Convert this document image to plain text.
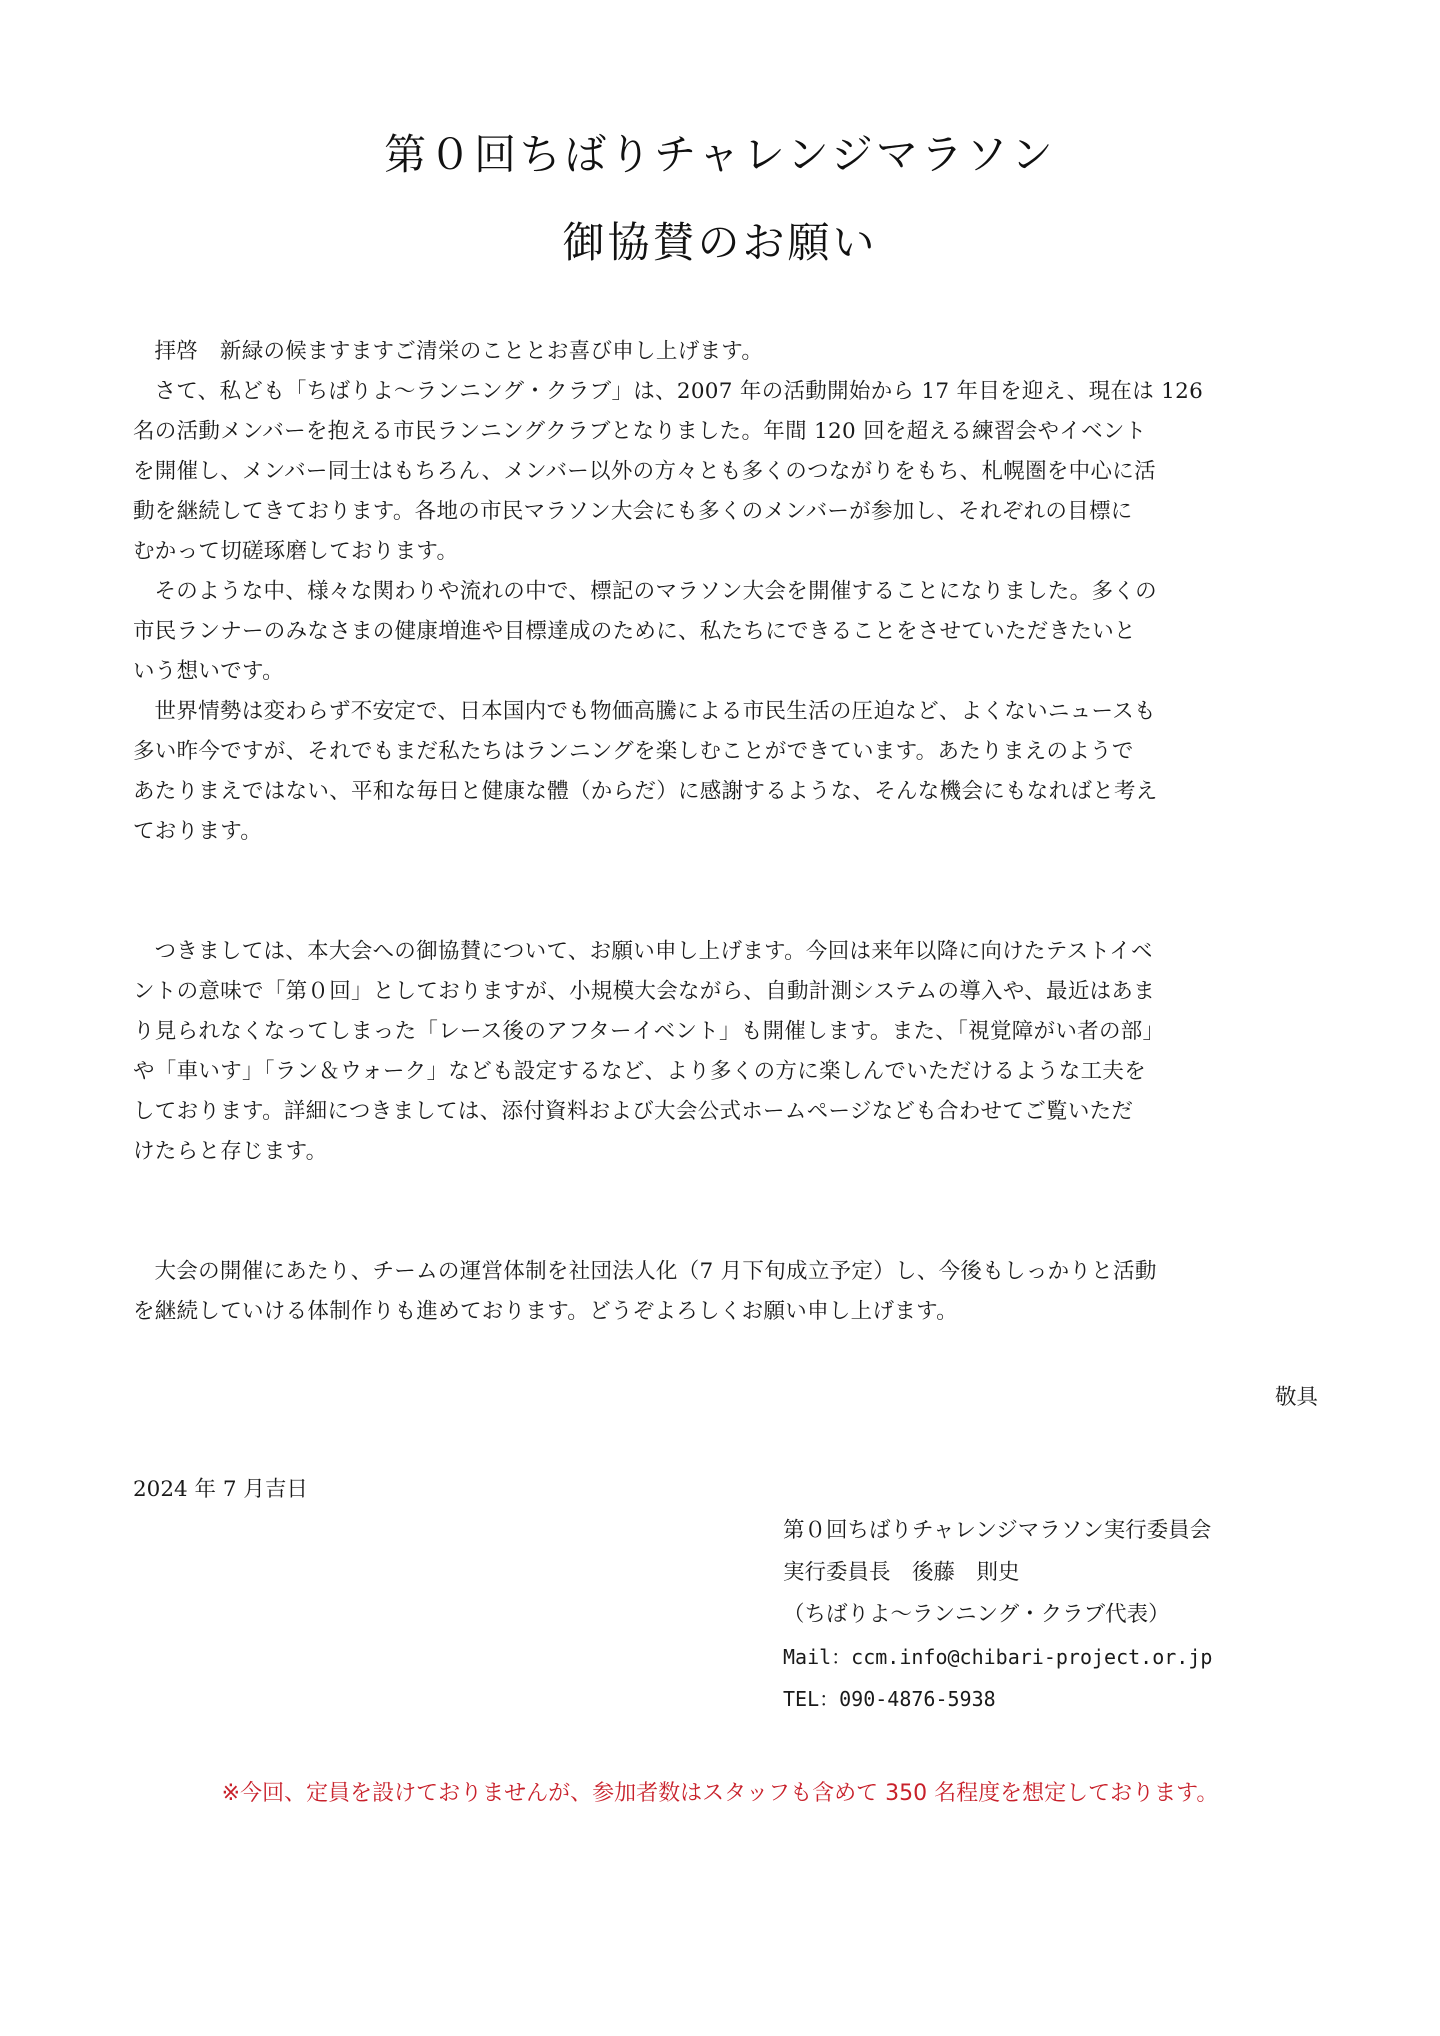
第０回ちばりチャレンジマラソン
御協賛のお願い
拝啓　新緑の候ますますご清栄のこととお喜び申し上げます。
さて、私ども「ちばりよ～ランニング・クラブ」は、2007 年の活動開始から 17 年目を迎え、現在は 126
名の活動メンバーを抱える市民ランニングクラブとなりました。年間 120 回を超える練習会やイベント
を開催し、メンバー同士はもちろん、メンバー以外の方々とも多くのつながりをもち、札幌圏を中心に活
動を継続してきております。各地の市民マラソン大会にも多くのメンバーが参加し、それぞれの目標に
むかって切磋琢磨しております。
そのような中、様々な関わりや流れの中で、標記のマラソン大会を開催することになりました。多くの
市民ランナーのみなさまの健康増進や目標達成のために、私たちにできることをさせていただきたいと
いう想いです。
世界情勢は変わらず不安定で、日本国内でも物価高騰による市民生活の圧迫など、よくないニュースも
多い昨今ですが、それでもまだ私たちはランニングを楽しむことができています。あたりまえのようで
あたりまえではない、平和な毎日と健康な體（からだ）に感謝するような、そんな機会にもなればと考え
ております。
つきましては、本大会への御協賛について、お願い申し上げます。今回は来年以降に向けたテストイベ
ントの意味で「第０回」としておりますが、小規模大会ながら、自動計測システムの導入や、最近はあま
り見られなくなってしまった「レース後のアフターイベント」も開催します。また、「視覚障がい者の部」
や「車いす」「ラン＆ウォーク」なども設定するなど、より多くの方に楽しんでいただけるような工夫を
しております。詳細につきましては、添付資料および大会公式ホームページなども合わせてご覧いただ
けたらと存じます。
大会の開催にあたり、チームの運営体制を社団法人化（7 月下旬成立予定）し、今後もしっかりと活動
を継続していける体制作りも進めております。どうぞよろしくお願い申し上げます。
敬具
2024 年 7 月吉日
第０回ちばりチャレンジマラソン実行委員会
実行委員長　後藤　則史
（ちばりよ～ランニング・クラブ代表）
Mail：ccm.info@chibari-project.or.jp
TEL：090-4876-5938
※今回、定員を設けておりませんが、参加者数はスタッフも含めて 350 名程度を想定しております。
